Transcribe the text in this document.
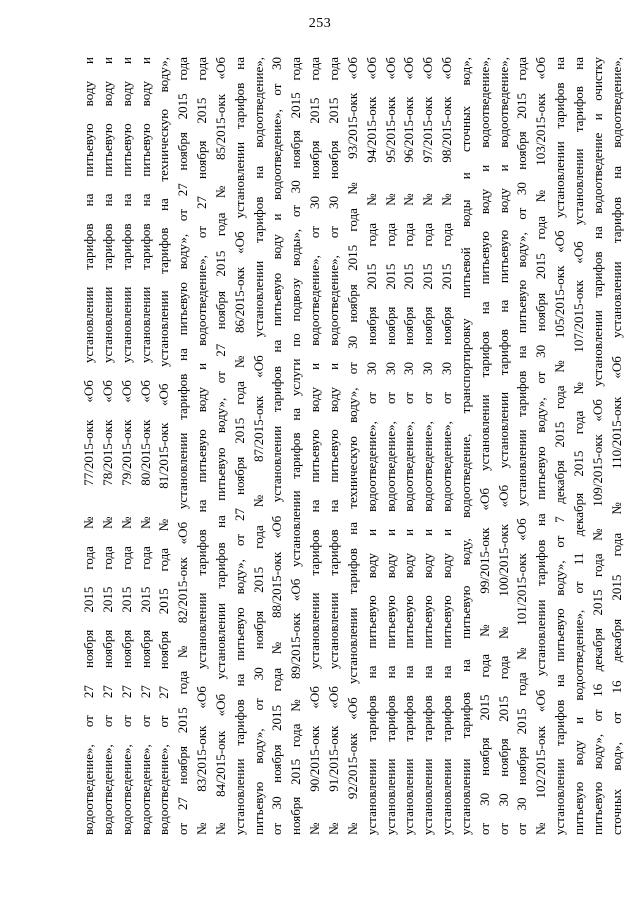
253
водоотведение», от 27 ноября 2015 года № 77/2015-окк «Об установлении тарифов на питьевую воду и водоотведение», от 27 ноября 2015 года № 78/2015-окк «Об установлении тарифов на питьевую воду и водоотведение», от 27 ноября 2015 года № 79/2015-окк «Об установлении тарифов на питьевую воду и водоотведение», от 27 ноября 2015 года № 80/2015-окк «Об установлении тарифов на питьевую воду и водоотведение», от 27 ноября 2015 года № 81/2015-окк «Об установлении тарифов на техническую воду», от 27 ноября 2015 года № 82/2015-окк «Об установлении тарифов на питьевую воду», от 27 ноября 2015 года № 83/2015-окк «Об установлении тарифов на питьевую воду и водоотведение», от 27 ноября 2015 года № 84/2015-окк «Об установлении тарифов на питьевую воду», от 27 ноября 2015 года № 85/2015-окк «Об установлении тарифов на питьевую воду», от 27 ноября 2015 года № 86/2015-окк «Об установлении тарифов на питьевую воду», от 30 ноября 2015 года № 87/2015-окк «Об установлении тарифов на водоотведение», от 30 ноября 2015 года № 88/2015-окк «Об установлении тарифов на питьевую воду и водоотведение», от 30 ноября 2015 года № 89/2015-окк «Об установлении тарифов на услуги по подвозу воды», от 30 ноября 2015 года № 90/2015-окк «Об установлении тарифов на питьевую воду и водоотведение», от 30 ноября 2015 года № 91/2015-окк «Об установлении тарифов на питьевую воду и водоотведение», от 30 ноября 2015 года № 92/2015-окк «Об установлении тарифов на техническую воду», от 30 ноября 2015 года № 93/2015-окк «Об установлении тарифов на питьевую воду и водоотведение», от 30 ноября 2015 года № 94/2015-окк «Об установлении тарифов на питьевую воду и водоотведение», от 30 ноября 2015 года № 95/2015-окк «Об установлении тарифов на питьевую воду и водоотведение», от 30 ноября 2015 года № 96/2015-окк «Об установлении тарифов на питьевую воду и водоотведение», от 30 ноября 2015 года № 97/2015-окк «Об установлении тарифов на питьевую воду и водоотведение», от 30 ноября 2015 года № 98/2015-окк «Об установлении тарифов на питьевую воду, водоотведение, транспортировку питьевой воды и сточных вод», от 30 ноября 2015 года № 99/2015-окк «Об установлении тарифов на питьевую воду и водоотведение», от 30 ноября 2015 года № 100/2015-окк «Об установлении тарифов на питьевую воду и водоотведение», от 30 ноября 2015 года № 101/2015-окк «Об установлении тарифов на питьевую воду», от 30 ноября 2015 года № 102/2015-окк «Об установлении тарифов на питьевую воду», от 30 ноября 2015 года № 103/2015-окк «Об установлении тарифов на питьевую воду», от 7 декабря 2015 года № 105/2015-окк «Об установлении тарифов на питьевую воду и водоотведение», от 11 декабря 2015 года № 107/2015-окк «Об установлении тарифов на питьевую воду», от 16 декабря 2015 года № 109/2015-окк «Об установлении тарифов на водоотведение и очистку сточных вод», от 16 декабря 2015 года № 110/2015-окк «Об установлении тарифов на водоотведение»,
